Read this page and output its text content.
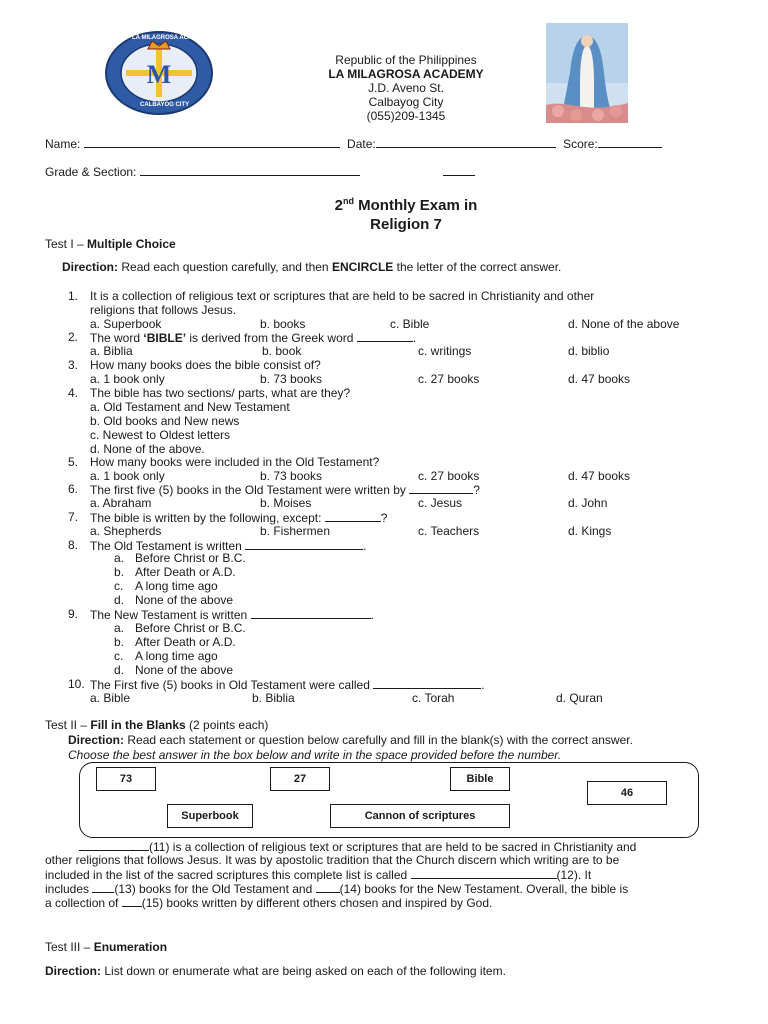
M
LA MILAGROSA ACADEMY
CALBAYOG CITY
Republic of the Philippines
LA MILAGROSA ACADEMY
J.D. Aveno St.
Calbayog City
(055)209-1345
Name:	Date:	Score:
Grade & Section:
2nd Monthly Exam in
Religion 7
Test I – Multiple Choice
Direction: Read each question carefully, and then ENCIRCLE the letter of the correct answer.
1. It is a collection of religious text or scriptures that are held to be sacred in Christianity and other
religions that follows Jesus.
a. Superbook	b. books	c. Bible	d. None of the above
2. The word ‘BIBLE’ is derived from the Greek word	.
a. Biblia	b. book	c. writings	d. biblio
3. How many books does the bible consist of?
a. 1 book only	b. 73 books	c. 27 books	d. 47 books
4. The bible has two sections/ parts, what are they?
a. Old Testament and New Testament
b. Old books and New news
c. Newest to Oldest letters
d. None of the above.
5. How many books were included in the Old Testament?
a. 1 book only	b. 73 books	c. 27 books	d. 47 books
6. The first five (5) books in the Old Testament were written by	?
a. Abraham	b. Moises	c. Jesus	d. John
7. The bible is written by the following, except:	?
a. Shepherds	b. Fishermen	c. Teachers	d. Kings
8. The Old Testament is written	.
a. Before Christ or B.C.
b. After Death or A.D.
c. A long time ago
d. None of the above
9. The New Testament is written	.
a. Before Christ or B.C.
b. After Death or A.D.
c. A long time ago
d. None of the above
10. The First five (5) books in Old Testament were called	.
a. Bible	b. Biblia	c. Torah	d. Quran
Test II – Fill in the Blanks (2 points each)
Direction: Read each statement or question below carefully and fill in the blank(s) with the correct answer.
Choose the best answer in the box below and write in the space provided before the number.
73	27	Bible
46
Superbook	Cannon of scriptures
(11) is a collection of religious text or scriptures that are held to be sacred in Christianity and
other religions that follows Jesus. It was by apostolic tradition that the Church discern which writing are to be
included in the list of the sacred scriptures this complete list is called	(12). It
includes (13) books for the Old Testament and (14) books for the New Testament. Overall, the bible is
a collection of (15) books written by different others chosen and inspired by God.
Test III – Enumeration
Direction: List down or enumerate what are being asked on each of the following item.
